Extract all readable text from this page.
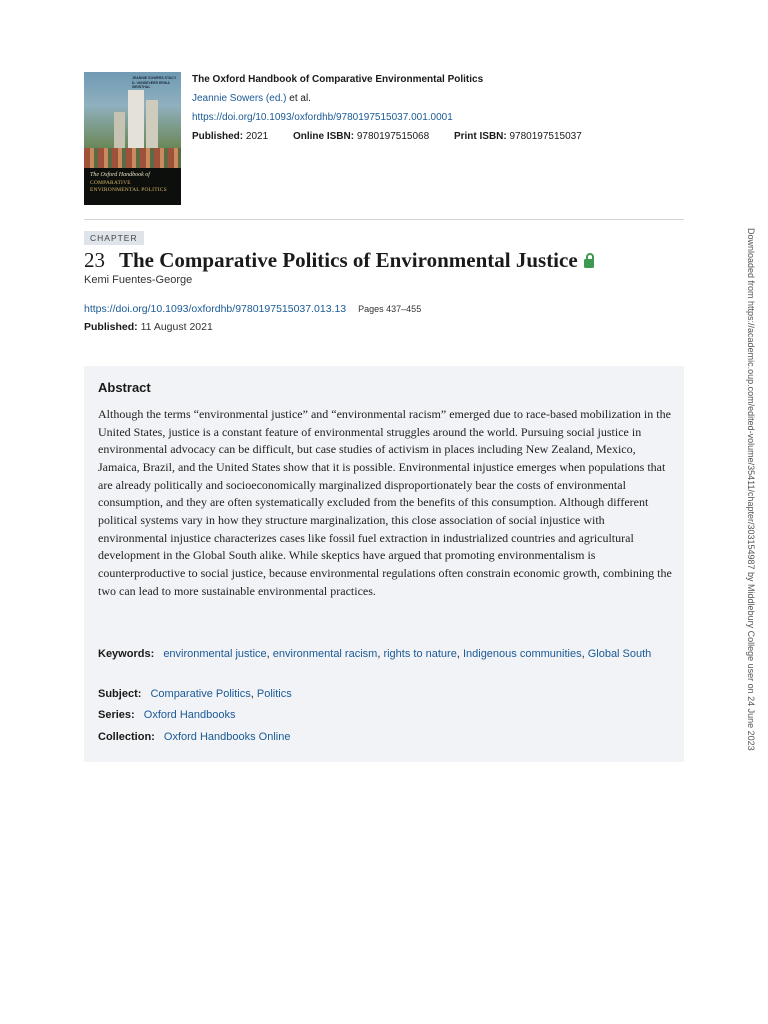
JEANNIE SOWERS STACY D. VANDEVEER ERIKA WEINTHAL
The Oxford Handbook of
COMPARATIVE ENVIRONMENTAL POLITICS
The Oxford Handbook of Comparative Environmental Politics
Jeannie Sowers (ed.) et al.
https://doi.org/10.1093/oxfordhb/9780197515037.001.0001
Published: 2021 Online ISBN: 9780197515068 Print ISBN: 9780197515037
CHAPTER
23 The Comparative Politics of Environmental Justice
Kemi Fuentes-George
https://doi.org/10.1093/oxfordhb/9780197515037.013.13 Pages 437–455
Published: 11 August 2021
Abstract

Although the terms “environmental justice” and “environmental racism” emerged due to race-based mobilization in the United States, justice is a constant feature of environmental struggles around the world. Pursuing social justice in environmental advocacy can be difficult, but case studies of activism in places including New Zealand, Mexico, Jamaica, Brazil, and the United States show that it is possible. Environmental injustice emerges when populations that are already politically and socioeconomically marginalized disproportionately bear the costs of environmental consumption, and they are often systematically excluded from the benefits of this consumption. Although different political systems vary in how they structure marginalization, this close association of social injustice with environmental injustice characterizes cases like fossil fuel extraction in industrialized countries and agricultural development in the Global South alike. While skeptics have argued that promoting environmentalism is counterproductive to social justice, because environmental regulations often constrain economic growth, combining the two can lead to more sustainable environmental practices.

Keywords: environmental justice, environmental racism, rights to nature, Indigenous communities, Global South
Subject: Comparative Politics, Politics
Series: Oxford Handbooks
Collection: Oxford Handbooks Online	Downloaded from https://academic.oup.com/edited-volume/35411/chapter/303154987 by Middlebury College user on 24 June 2023
